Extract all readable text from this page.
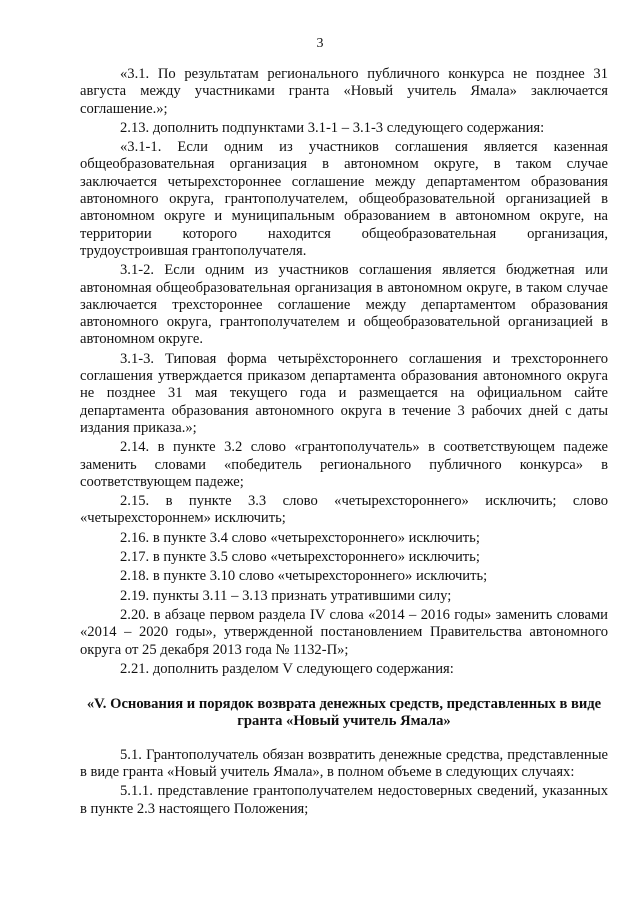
3

«3.1. По результатам регионального публичного конкурса не позднее 31 августа между участниками гранта «Новый учитель Ямала» заключается соглашение.»;

2.13. дополнить подпунктами 3.1-1 – 3.1-3 следующего содержания:

«3.1-1. Если одним из участников соглашения является казенная общеобразовательная организация в автономном округе, в таком случае заключается четырехстороннее соглашение между департаментом образования автономного округа, грантополучателем, общеобразовательной организацией в автономном округе и муниципальным образованием в автономном округе, на территории которого находится общеобразовательная организация, трудоустроившая грантополучателя.

3.1-2. Если одним из участников соглашения является бюджетная или автономная общеобразовательная организация в автономном округе, в таком случае заключается трехстороннее соглашение между департаментом образования автономного округа, грантополучателем и общеобразовательной организацией в автономном округе.

3.1-3. Типовая форма четырёхстороннего соглашения и трехстороннего соглашения утверждается приказом департамента образования автономного округа не позднее 31 мая текущего года и размещается на официальном сайте департамента образования автономного округа в течение 3 рабочих дней с даты издания приказа.»;

2.14. в пункте 3.2 слово «грантополучатель» в соответствующем падеже заменить словами «победитель регионального публичного конкурса» в соответствующем падеже;

2.15. в пункте 3.3 слово «четырехстороннего» исключить; слово «четырехстороннем» исключить;

2.16. в пункте 3.4 слово «четырехстороннего» исключить;

2.17. в пункте 3.5 слово «четырехстороннего» исключить;

2.18. в пункте 3.10 слово «четырехстороннего» исключить;

2.19. пункты 3.11 – 3.13 признать утратившими силу;

2.20. в абзаце первом раздела IV слова «2014 – 2016 годы» заменить словами «2014 – 2020 годы», утвержденной постановлением Правительства автономного округа от 25 декабря 2013 года № 1132-П»;

2.21. дополнить разделом V следующего содержания:

«V. Основания и порядок возврата денежных средств, представленных в виде гранта «Новый учитель Ямала»

5.1. Грантополучатель обязан возвратить денежные средства, представленные в виде гранта «Новый учитель Ямала», в полном объеме в следующих случаях:

5.1.1. представление грантополучателем недостоверных сведений, указанных в пункте 2.3 настоящего Положения;
